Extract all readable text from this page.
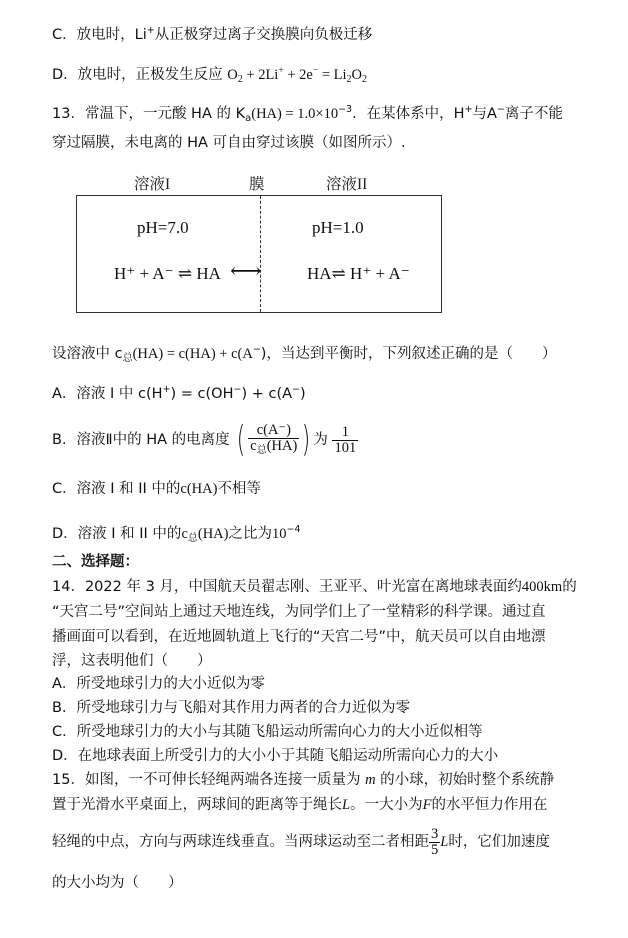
C．放电时，Li+从正极穿过离子交换膜向负极迁移
D．放电时，正极发生反应 $O_2 + 2Li^+ + 2e^- = Li_2O_2$
13．常温下，一元酸 HA 的 $K_a(HA) = 1.0\times 10^{-3}$．在某体系中，H+与A−离子不能
穿过隔膜，未电离的 HA 可自由穿过该膜（如图所示）.
溶液I	膜	溶液II
pH=7.0	pH=1.0
H⁺ + A⁻ ⇌ HA ⟷	HA⇌ H⁺ + A⁻
设溶液中 $c_总(HA) = c(HA) + c(A^-)$，当达到平衡时，下列叙述正确的是（　　）
A．溶液 I 中 c(H+) = c(OH−) + c(A−)
B．溶液Ⅱ中的 HA 的电离度 ( $\frac{c(A^-)}{c_总(HA)}$ ) 为 $\frac{1}{101}$
C．溶液 I 和 II 中的c(HA)不相等
D．溶液 I 和 II 中的$c_总(HA)$之比为$10^{-4}$
二、选择题：
14．2022 年 3 月，中国航天员翟志刚、王亚平、叶光富在离地球表面约400km的
“天宫二号”空间站上通过天地连线，为同学们上了一堂精彩的科学课。通过直
播画面可以看到，在近地圆轨道上飞行的“天宫二号”中，航天员可以自由地漂
浮，这表明他们（　　）
A．所受地球引力的大小近似为零
B．所受地球引力与飞船对其作用力两者的合力近似为零
C．所受地球引力的大小与其随飞船运动所需向心力的大小近似相等
D．在地球表面上所受引力的大小小于其随飞船运动所需向心力的大小
15．如图，一不可伸长轻绳两端各连接一质量为 m 的小球，初始时整个系统静
置于光滑水平桌面上，两球间的距离等于绳长L。一大小为F的水平恒力作用在
轻绳的中点，方向与两球连线垂直。当两球运动至二者相距 $\frac{3}{5}$ L时，它们加速度
的大小均为（　　）
